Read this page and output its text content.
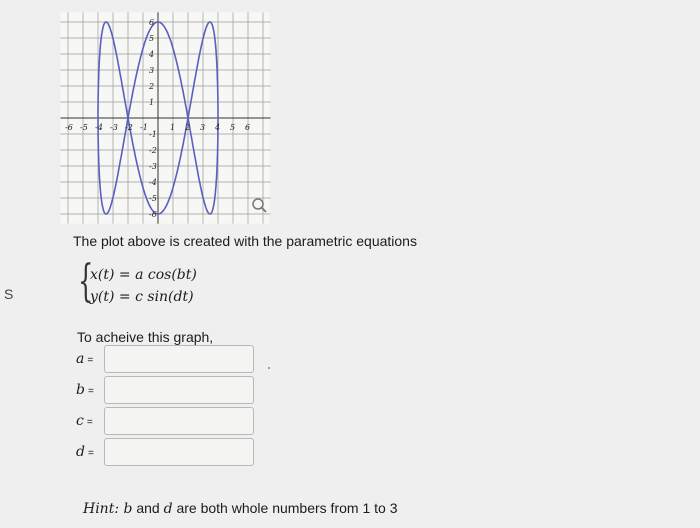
S
-6 -5 -4 -3 -2 -1	1 2 3 4 5 6
6
5
4
3
2
1
-1
-2
-3
-4
-5
-6
The plot above is created with the parametric equations
{
x(t) = a cos(bt)
y(t) = c sin(dt)
To acheive this graph,
a =
b =
c =
d =
Hint: b and d are both whole numbers from 1 to 3
